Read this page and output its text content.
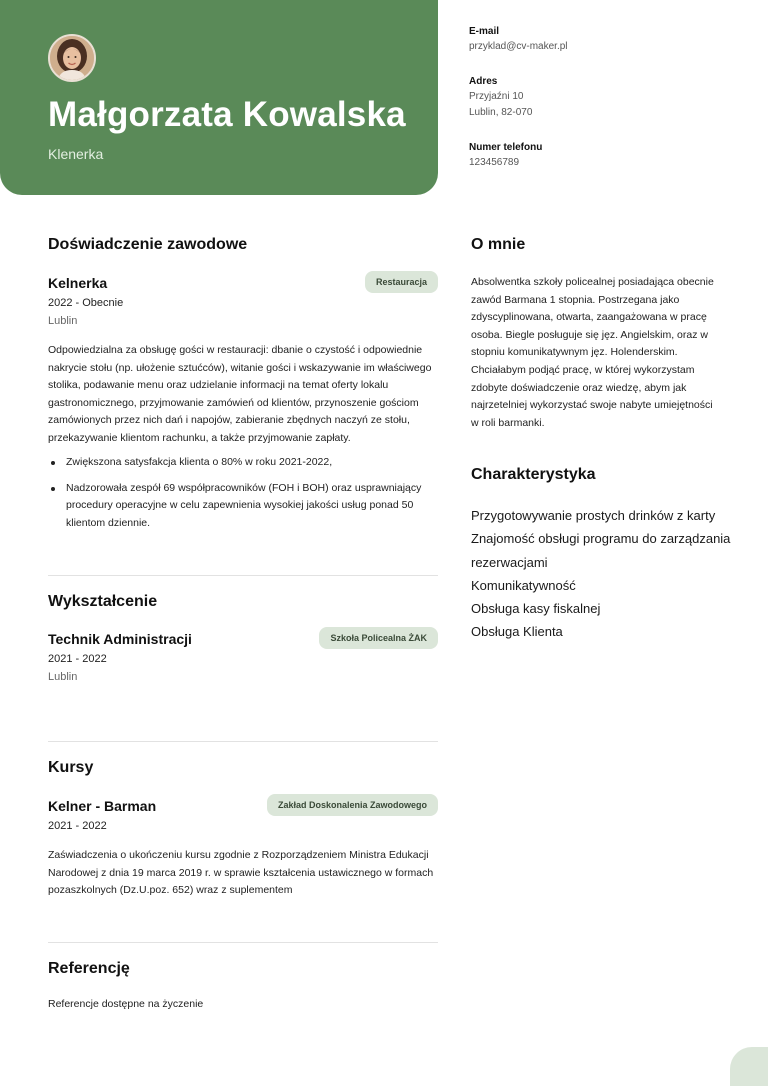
Małgorzata Kowalska
Klenerka
E-mail
przyklad@cv-maker.pl
Adres
Przyjaźni 10
Lublin, 82-070
Numer telefonu
123456789
Doświadczenie zawodowe
Kelnerka	Restauracja
2022 - Obecnie
Lublin
Odpowiedzialna za obsługę gości w restauracji: dbanie o czystość i odpowiednie nakrycie stołu (np. ułożenie sztućców), witanie gości i wskazywanie im właściwego stolika, podawanie menu oraz udzielanie informacji na temat oferty lokalu gastronomicznego, przyjmowanie zamówień od klientów, przynoszenie gościom zamówionych przez nich dań i napojów, zabieranie zbędnych naczyń ze stołu, przekazywanie klientom rachunku, a także przyjmowanie zapłaty.
Zwiększona satysfakcja klienta o 80% w roku 2021-2022,
Nadzorowała zespół 69 współpracowników (FOH i BOH) oraz usprawniający procedury operacyjne w celu zapewnienia wysokiej jakości usług ponad 50 klientom dziennie.
Wykształcenie
Technik Administracji	Szkoła Policealna ŻAK
2021 - 2022
Lublin
Kursy
Kelner - Barman	Zakład Doskonalenia Zawodowego
2021 - 2022
Zaświadczenia o ukończeniu kursu zgodnie z Rozporządzeniem Ministra Edukacji Narodowej z dnia 19 marca 2019 r. w sprawie kształcenia ustawicznego w formach pozaszkolnych (Dz.U.poz. 652) wraz z suplementem
Referencję
Referencje dostępne na życzenie
O mnie
Absolwentka szkoły policealnej posiadająca obecnie zawód Barmana 1 stopnia. Postrzegana jako zdyscyplinowana, otwarta, zaangażowana w pracę osoba. Biegle posługuje się jęz. Angielskim, oraz w stopniu komunikatywnym jęz. Holenderskim. Chciałabym podjąć pracę, w której wykorzystam zdobyte doświadczenie oraz wiedzę, abym jak najrzetelniej wykorzystać swoje nabyte umiejętności w roli barmanki.
Charakterystyka
Przygotowywanie prostych drinków z karty
Znajomość obsługi programu do zarządzania rezerwacjami
Komunikatywność
Obsługa kasy fiskalnej
Obsługa Klienta
